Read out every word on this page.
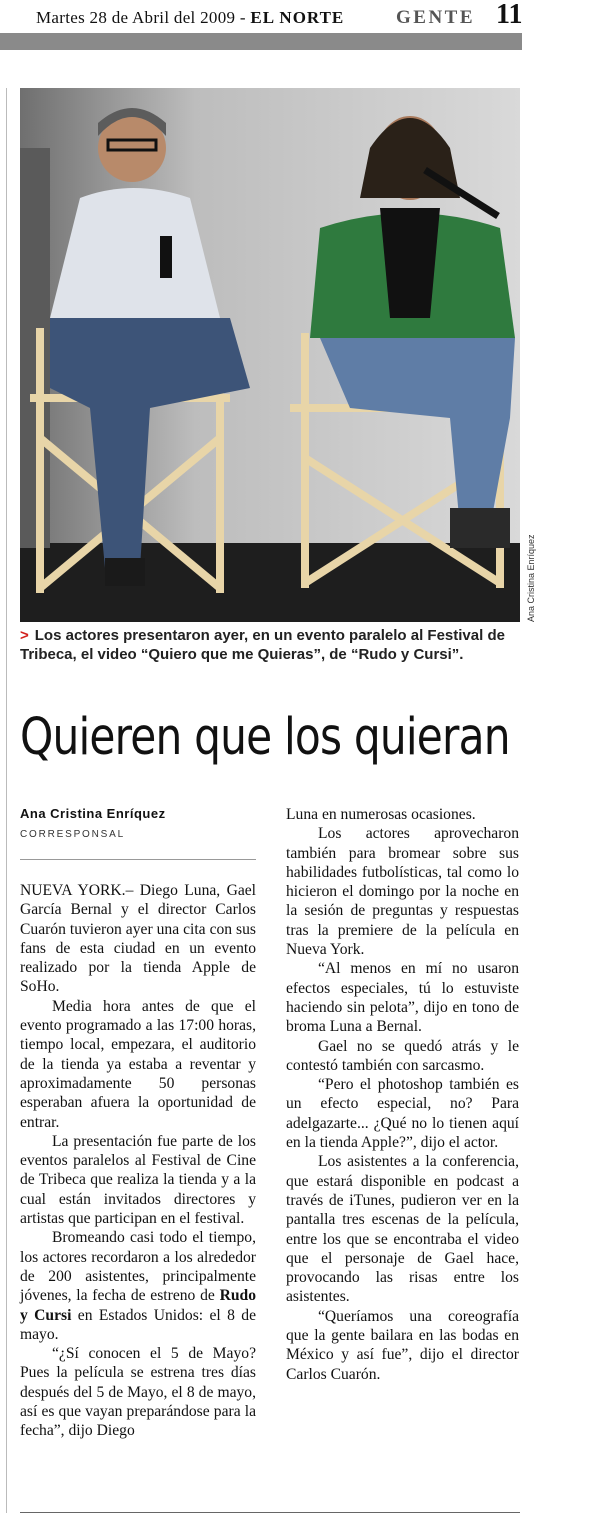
Martes 28 de Abril del 2009 - EL NORTE	GENTE 11
Ana Cristina Enríquez
> Los actores presentaron ayer, en un evento paralelo al Festival de Tribeca, el video “Quiero que me Quieras”, de “Rudo y Cursi”.
Quieren que los quieran
Ana Cristina Enríquez
CORRESPONSAL

NUEVA YORK.– Diego Luna, Gael García Bernal y el director Carlos Cuarón tuvieron ayer una cita con sus fans de esta ciudad en un evento realizado por la tienda Apple de SoHo.

Media hora antes de que el evento programado a las 17:00 horas, tiempo local, empezara, el auditorio de la tienda ya estaba a reventar y aproximadamente 50 personas esperaban afuera la oportunidad de entrar.

La presentación fue parte de los eventos paralelos al Festival de Cine de Tribeca que realiza la tienda y a la cual están invitados directores y artistas que participan en el festival.

Bromeando casi todo el tiempo, los actores recordaron a los alrededor de 200 asistentes, principalmente jóvenes, la fecha de estreno de Rudo y Cursi en Estados Unidos: el 8 de mayo.

“¿Sí conocen el 5 de Mayo? Pues la película se estrena tres días después del 5 de Mayo, el 8 de mayo, así es que vayan preparándose para la fecha”, dijo Diego

Luna en numerosas ocasiones.

Los actores aprovecharon también para bromear sobre sus habilidades futbolísticas, tal como lo hicieron el domingo por la noche en la sesión de preguntas y respuestas tras la premiere de la película en Nueva York.

“Al menos en mí no usaron efectos especiales, tú lo estuviste haciendo sin pelota”, dijo en tono de broma Luna a Bernal.

Gael no se quedó atrás y le contestó también con sarcasmo.

“Pero el photoshop también es un efecto especial, no? Para adelgazarte... ¿Qué no lo tienen aquí en la tienda Apple?”, dijo el actor.

Los asistentes a la conferencia, que estará disponible en podcast a través de iTunes, pudieron ver en la pantalla tres escenas de la película, entre los que se encontraba el video que el personaje de Gael hace, provocando las risas entre los asistentes.

“Queríamos una coreografía que la gente bailara en las bodas en México y así fue”, dijo el director Carlos Cuarón.
